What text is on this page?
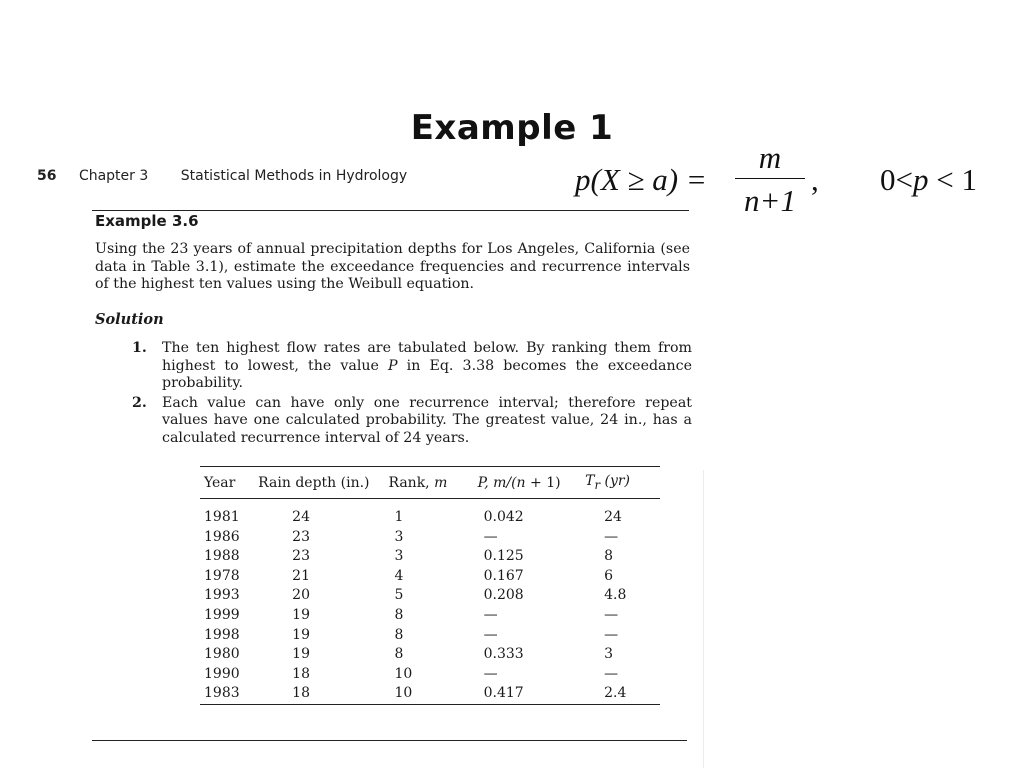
Example 1
p(X ≥ a) =
m
n+1
, 0<p < 1
56 Chapter 3 Statistical Methods in Hydrology
Example 3.6
Using the 23 years of annual precipitation depths for Los Angeles, California (see data in Table 3.1), estimate the exceedance frequencies and recurrence intervals of the highest ten values using the Weibull equation.
Solution
1. The ten highest flow rates are tabulated below. By ranking them from highest to lowest, the value P in Eq. 3.38 becomes the exceedance probability.
2. Each value can have only one recurrence interval; therefore repeat values have one calculated probability. The greatest value, 24 in., has a calculated recurrence interval of 24 years.
Year	Rain depth (in.)	Rank, m	P, m/(n + 1)	$T_r$ (yr)
1981	24	1	0.042	24
1986	23	3	—	—
1988	23	3	0.125	8
1978	21	4	0.167	6
1993	20	5	0.208	4.8
1999	19	8	—	—
1998	19	8	—	—
1980	19	8	0.333	3
1990	18	10	—	—
1983	18	10	0.417	2.4
